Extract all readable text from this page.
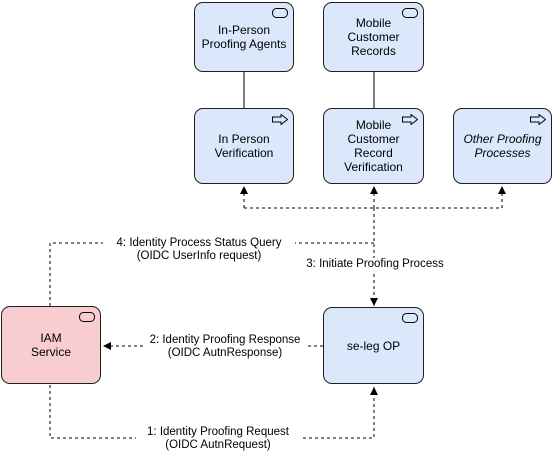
In-Person
Proofing Agents
Mobile
Customer
Records
In Person
Verification
Mobile
Customer
Record
Verification
Other Proofing
Processes
IAM
Service	se-leg OP
4: Identity Process Status Query
(OIDC UserInfo request)
3: Initiate Proofing Process
2: Identity Proofing Response
(OIDC AutnResponse)
1: Identity Proofing Request
(OIDC AutnRequest)
